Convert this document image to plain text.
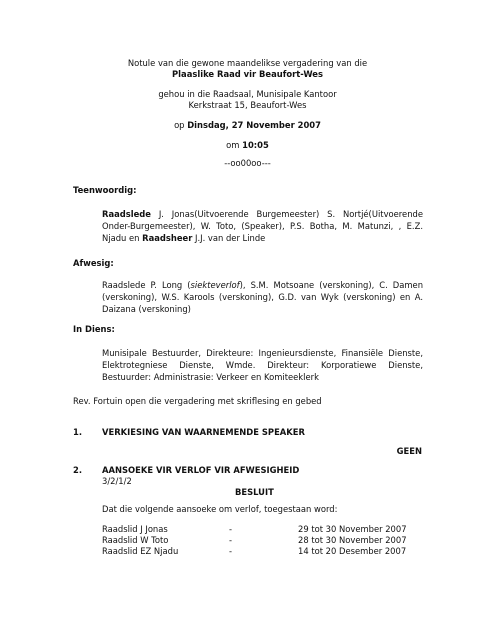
Notule van die gewone maandelikse vergadering van die
Plaaslike Raad vir Beaufort-Wes
gehou in die Raadsaal, Munisipale Kantoor
Kerkstraat 15, Beaufort-Wes
op Dinsdag, 27 November 2007
om 10:05
--oo00oo---
Teenwoordig:
Raadslede J. Jonas(Uitvoerende Burgemeester) S. Nortjé(Uitvoerende Onder-Burgemeester), W. Toto, (Speaker), P.S. Botha, M. Matunzi, , E.Z. Njadu en Raadsheer J.J. van der Linde
Afwesig:
Raadslede P. Long (siekteverlof), S.M. Motsoane (verskoning), C. Damen (verskoning), W.S. Karools (verskoning), G.D. van Wyk (verskoning) en A. Daizana (verskoning)
In Diens:
Munisipale Bestuurder, Direkteure: Ingenieursdienste, Finansiële Dienste, Elektrotegniese Dienste, Wmde. Direkteur: Korporatiewe Dienste, Bestuurder: Administrasie: Verkeer en Komiteeklerk
Rev. Fortuin open die vergadering met skriflesing en gebed
1. VERKIESING VAN WAARNEMENDE SPEAKER
GEEN
2. AANSOEKE VIR VERLOF VIR AFWESIGHEID
3/2/1/2
BESLUIT
Dat die volgende aansoeke om verlof, toegestaan word:
Raadslid J Jonas	-	29 tot 30 November 2007
Raadslid W Toto	-	28 tot 30 November 2007
Raadslid EZ Njadu	-	14 tot 20 Desember 2007
